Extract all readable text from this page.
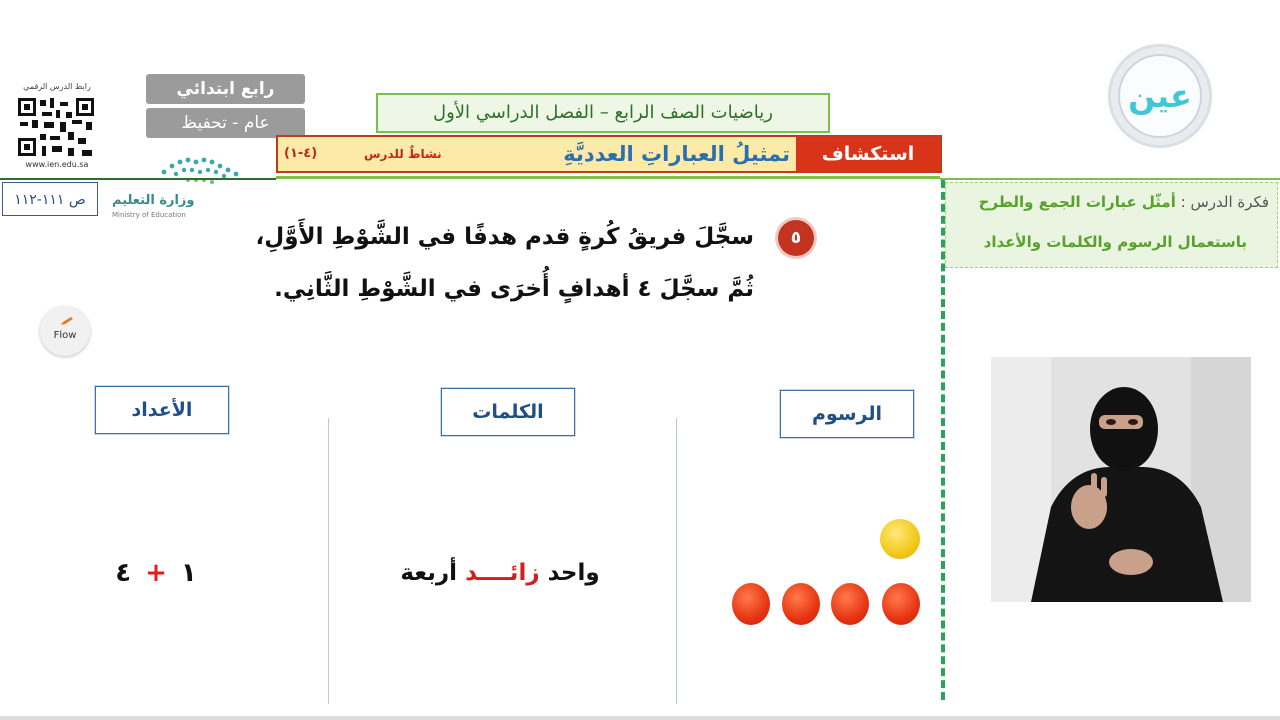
رابط الدرس الرقمي
www.ien.edu.sa
رابع ابتدائي
عام - تحفيظ
وزارة التعليم
Ministry of Education
ص ١١١-١١٢
رياضيات الصف الرابع – الفصل الدراسي الأول
استكشاف
تمثيلُ العباراتِ العدديَّةِ
نشاطٌ للدرس
(٤-١)
عين
فكرة الدرس : أمثّل عبارات الجمع والطرح
باستعمال الرسوم والكلمات والأعداد
٥
سجَّلَ فريقُ كُرةٍ قدم هدفًا في الشَّوْطِ الأَوَّلِ،
ثُمَّ سجَّلَ ٤ أهدافٍ أُخرَى في الشَّوْطِ الثَّانِي.
Flow
الأعداد	الكلمات	الرسوم
١+٤	واحد زائــــد أربعة
